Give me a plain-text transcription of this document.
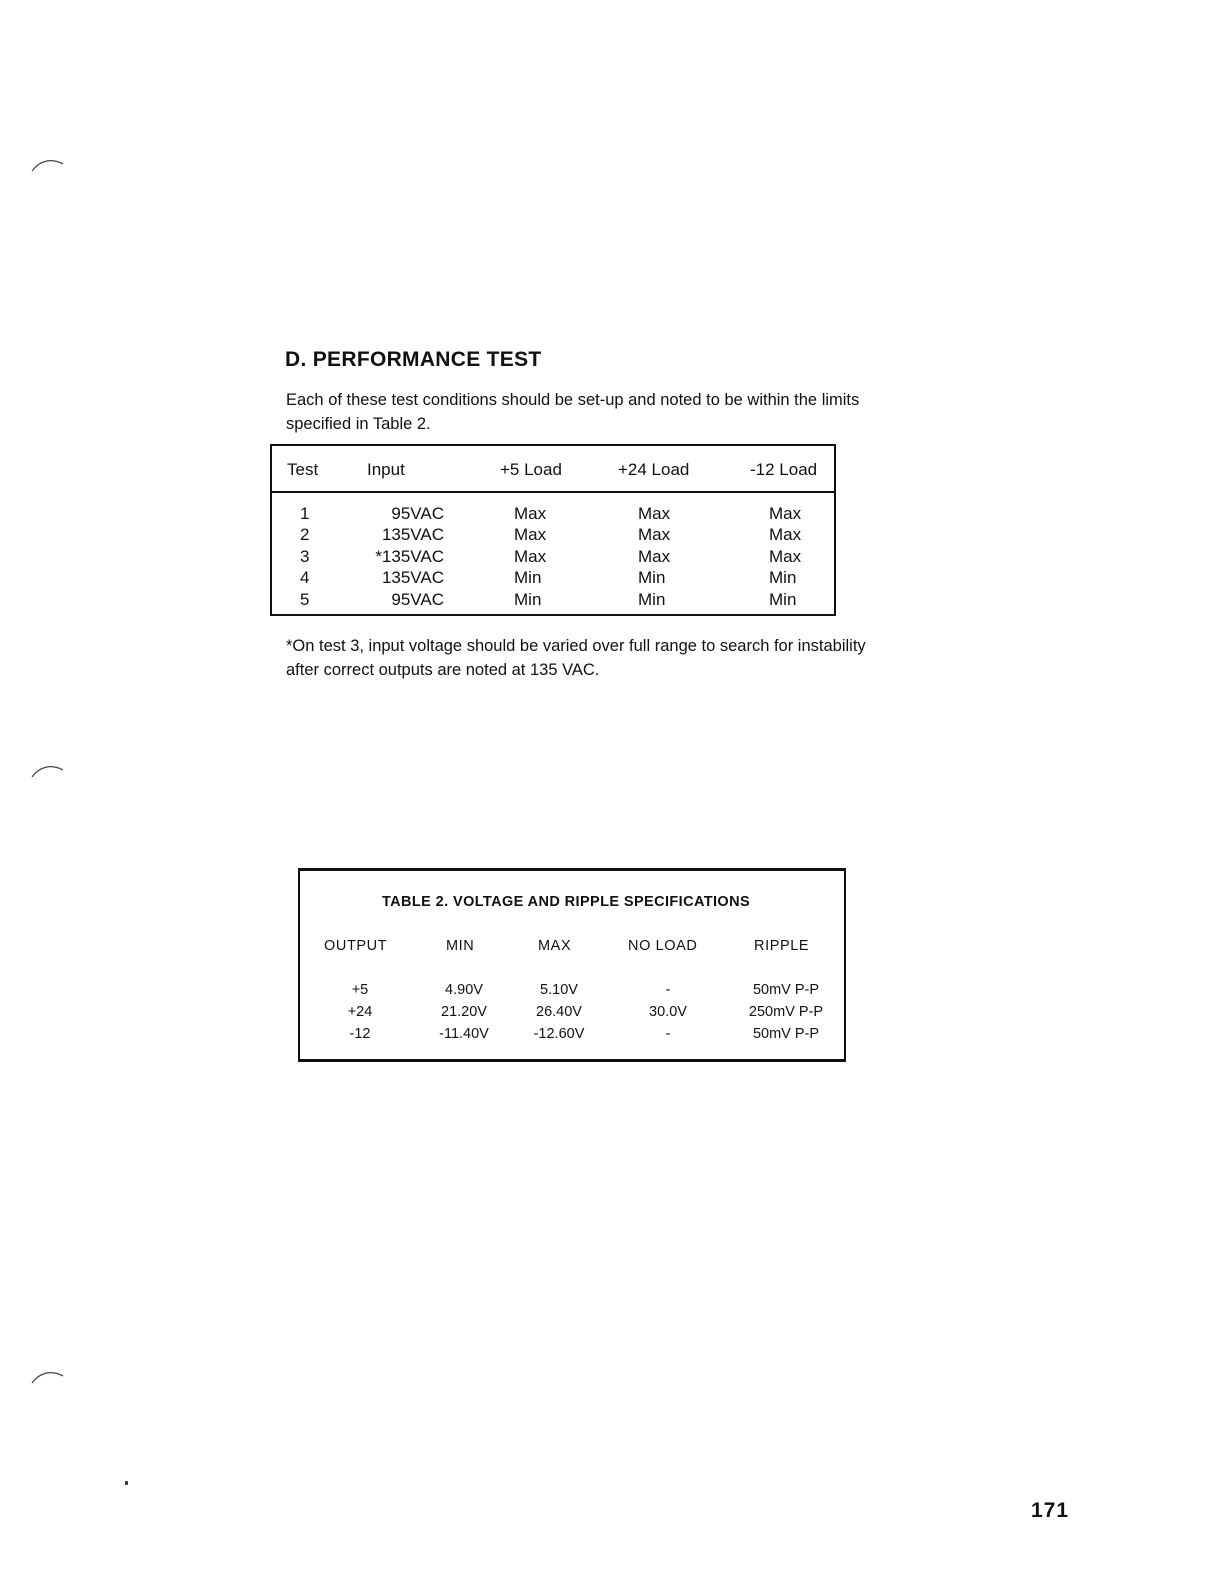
D. PERFORMANCE TEST

Each of these test conditions should be set-up and noted to be within the limits specified in Table 2.

Test	Input	+5 Load	+24 Load	-12 Load
1	95VAC	Max	Max	Max
2	135VAC	Max	Max	Max
3	*135VAC	Max	Max	Max
4	135VAC	Min	Min	Min
5	95VAC	Min	Min	Min

*On test 3, input voltage should be varied over full range to search for instability after correct outputs are noted at 135 VAC.

TABLE 2. VOLTAGE AND RIPPLE SPECIFICATIONS
OUTPUT	MIN	MAX	NO LOAD	RIPPLE
+5	4.90V	5.10V	-	50mV P-P
+24	21.20V	26.40V	30.0V	250mV P-P
-12	-11.40V	-12.60V	-	50mV P-P
171
